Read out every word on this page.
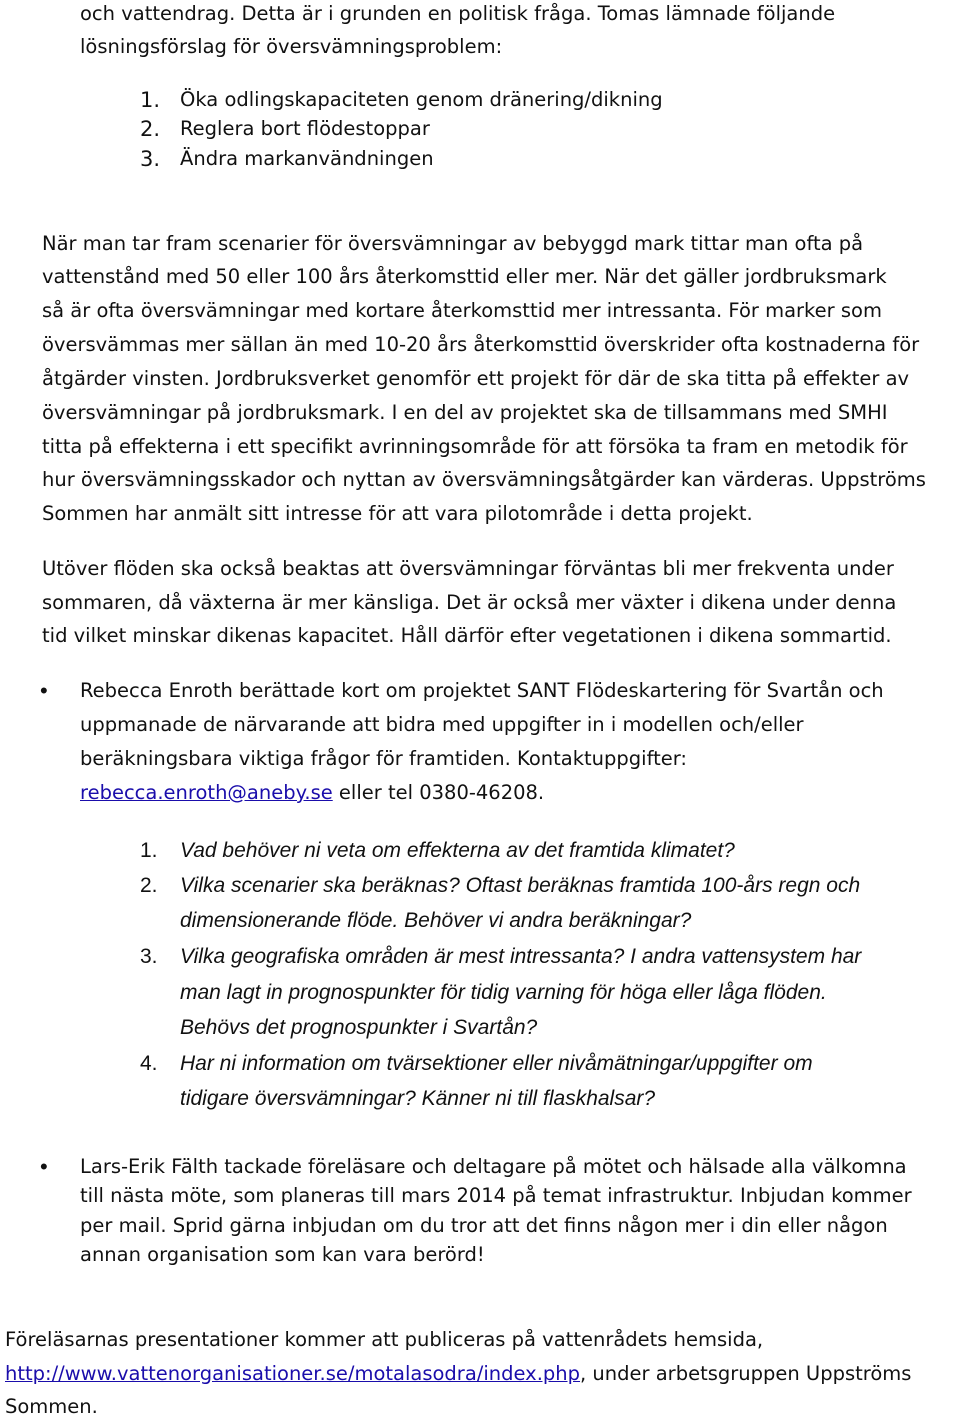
och vattendrag. Detta är i grunden en politisk fråga. Tomas lämnade följande
lösningsförslag för översvämningsproblem:
1. Öka odlingskapaciteten genom dränering/dikning
2. Reglera bort flödestoppar
3. Ändra markanvändningen
När man tar fram scenarier för översvämningar av bebyggd mark tittar man ofta på
vattenstånd med 50 eller 100 års återkomsttid eller mer. När det gäller jordbruksmark
så är ofta översvämningar med kortare återkomsttid mer intressanta. För marker som
översvämmas mer sällan än med 10-20 års återkomsttid överskrider ofta kostnaderna för
åtgärder vinsten. Jordbruksverket genomför ett projekt för där de ska titta på effekter av
översvämningar på jordbruksmark. I en del av projektet ska de tillsammans med SMHI
titta på effekterna i ett specifikt avrinningsområde för att försöka ta fram en metodik för
hur översvämningsskador och nyttan av översvämningsåtgärder kan värderas. Uppströms
Sommen har anmält sitt intresse för att vara pilotområde i detta projekt.
Utöver flöden ska också beaktas att översvämningar förväntas bli mer frekventa under
sommaren, då växterna är mer känsliga. Det är också mer växter i dikena under denna
tid vilket minskar dikenas kapacitet. Håll därför efter vegetationen i dikena sommartid.
• Rebecca Enroth berättade kort om projektet SANT Flödeskartering för Svartån och
uppmanade de närvarande att bidra med uppgifter in i modellen och/eller
beräkningsbara viktiga frågor för framtiden. Kontaktuppgifter:
rebecca.enroth@aneby.se eller tel 0380-46208.
1. Vad behöver ni veta om effekterna av det framtida klimatet?
2. Vilka scenarier ska beräknas? Oftast beräknas framtida 100-års regn och
dimensionerande flöde. Behöver vi andra beräkningar?
3. Vilka geografiska områden är mest intressanta? I andra vattensystem har
man lagt in prognospunkter för tidig varning för höga eller låga flöden.
Behövs det prognospunkter i Svartån?
4. Har ni information om tvärsektioner eller nivåmätningar/uppgifter om
tidigare översvämningar? Känner ni till flaskhalsar?
• Lars-Erik Fälth tackade föreläsare och deltagare på mötet och hälsade alla välkomna
till nästa möte, som planeras till mars 2014 på temat infrastruktur. Inbjudan kommer
per mail. Sprid gärna inbjudan om du tror att det finns någon mer i din eller någon
annan organisation som kan vara berörd!
Föreläsarnas presentationer kommer att publiceras på vattenrådets hemsida,
http://www.vattenorganisationer.se/motalasodra/index.php, under arbetsgruppen Uppströms
Sommen.
